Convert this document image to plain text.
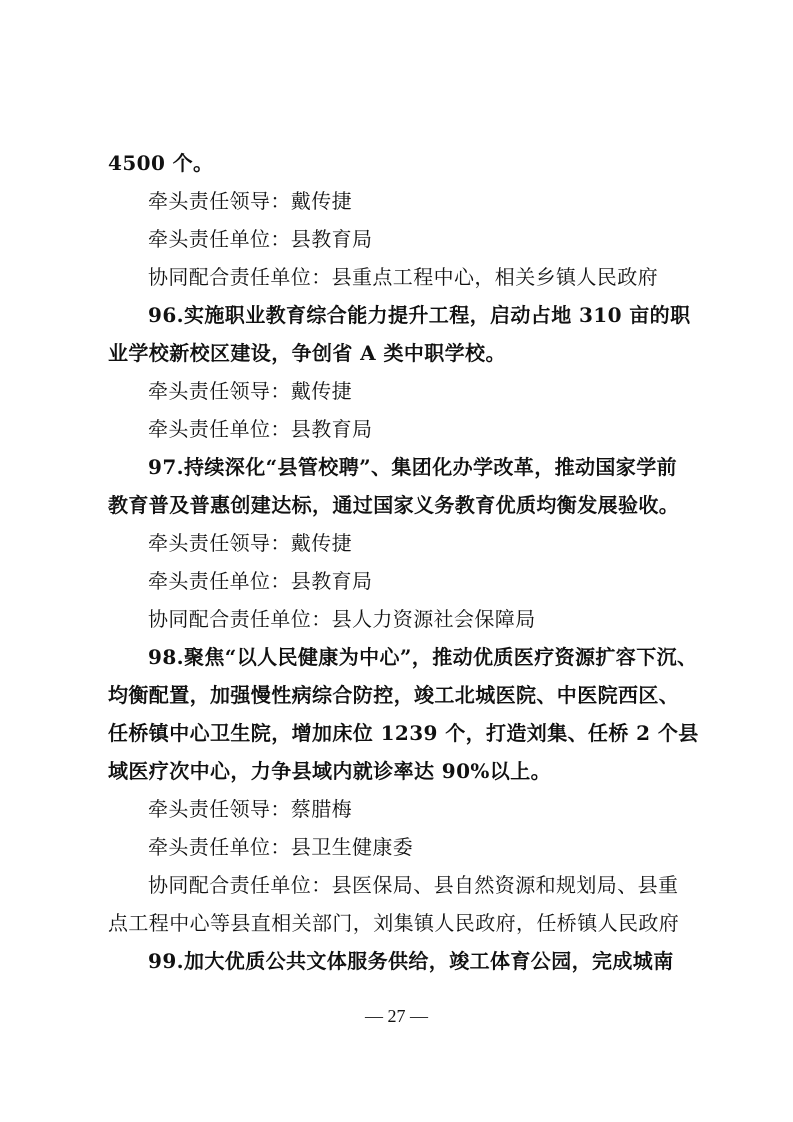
4500 个。
牵头责任领导：戴传捷
牵头责任单位：县教育局
协同配合责任单位：县重点工程中心，相关乡镇人民政府
96.实施职业教育综合能力提升工程，启动占地 310 亩的职
业学校新校区建设，争创省 A 类中职学校。
牵头责任领导：戴传捷
牵头责任单位：县教育局
97.持续深化“县管校聘”、集团化办学改革，推动国家学前
教育普及普惠创建达标，通过国家义务教育优质均衡发展验收。
牵头责任领导：戴传捷
牵头责任单位：县教育局
协同配合责任单位：县人力资源社会保障局
98.聚焦“以人民健康为中心”，推动优质医疗资源扩容下沉、
均衡配置，加强慢性病综合防控，竣工北城医院、中医院西区、
任桥镇中心卫生院，增加床位 1239 个，打造刘集、任桥 2 个县
域医疗次中心，力争县域内就诊率达 90%以上。
牵头责任领导：蔡腊梅
牵头责任单位：县卫生健康委
协同配合责任单位：县医保局、县自然资源和规划局、县重
点工程中心等县直相关部门，刘集镇人民政府，任桥镇人民政府
99.加大优质公共文体服务供给，竣工体育公园，完成城南
— 27 —
